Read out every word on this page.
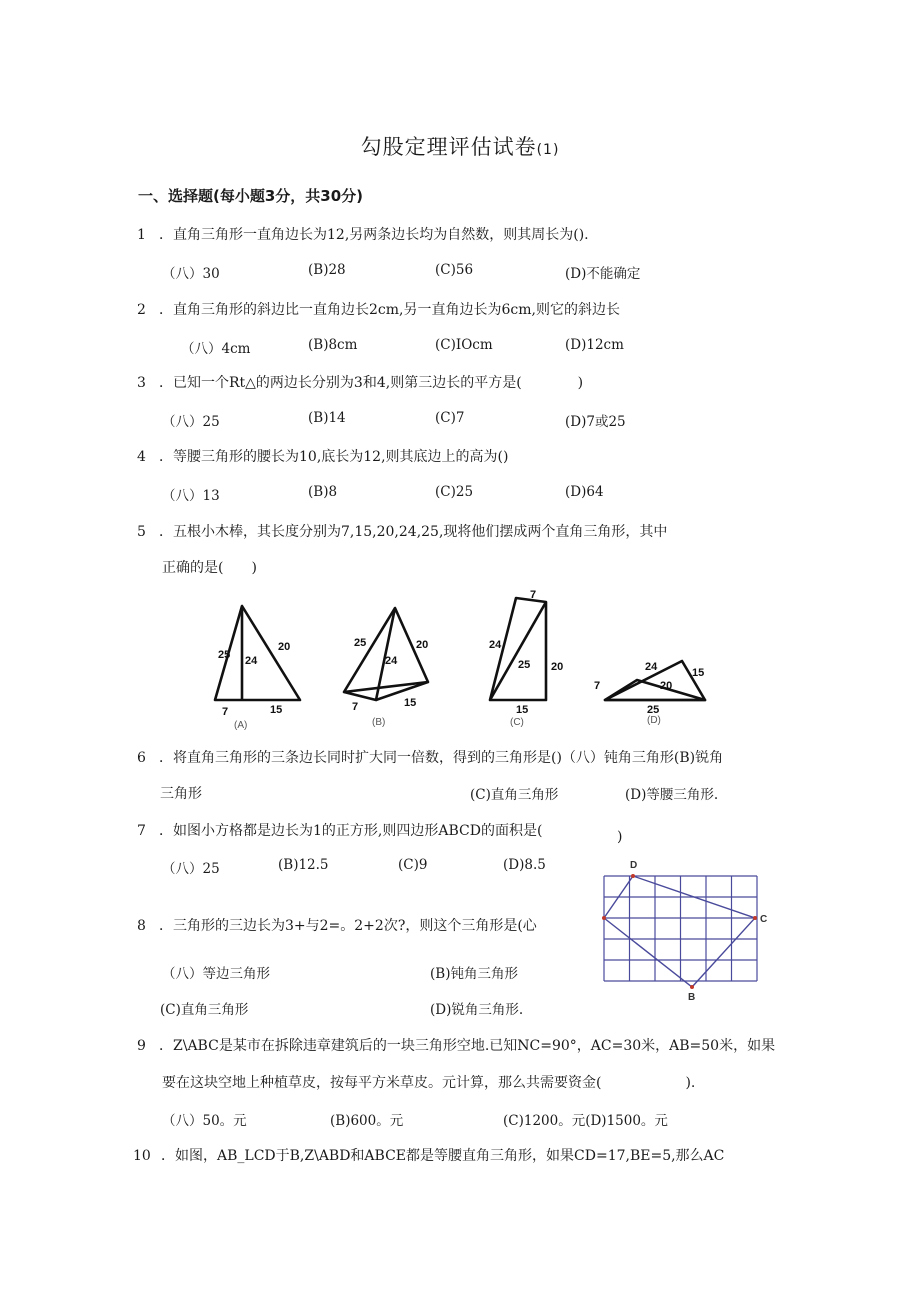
勾股定理评估试卷(1)
一、选择题(每小题3分，共30分)
1 ．直角三角形一直角边长为12,另两条边长均为自然数，则其周长为().
（八）30	(B)28	(C)56	(D)不能确定
2 ．直角三角形的斜边比一直角边长2cm,另一直角边长为6cm,则它的斜边长
（八）4cm	(B)8cm	(C)IOcm	(D)12cm
3 ．已知一个Rt△的两边长分别为3和4,则第三边长的平方是(　　　　)
（八）25	(B)14	(C)7	(D)7或25
4 ．等腰三角形的腰长为10,底长为12,则其底边上的高为()
（八）13	(B)8	(C)25	(D)64
5 ．五根小木棒，其长度分别为7,15,20,24,25,现将他们摆成两个直角三角形，其中
正确的是(　　)
25 24
20
7	15
25
24
20
7	15
7
24
25 20
15
24	15
7	20
25
(A)	(B)	(C)	(D)
6 ．将直角三角形的三条边长同时扩大同一倍数，得到的三角形是()（八）钝角三角形(B)锐角
三角形	(C)直角三角形	(D)等腰三角形.
7 ．如图小方格都是边长为1的正方形,则四边形ABCD的面积是(	)
（八）25	(B)12.5	(C)9	(D)8.5	D
C
B
8 ．三角形的三边长为3+与2=。2+2次?，则这个三角形是(心
（八）等边三角形	(B)钝角三角形
(C)直角三角形	(D)锐角三角形.
9 ．Z\ABC是某市在拆除违章建筑后的一块三角形空地.已知NC=90°，AC=30米，AB=50米，如果
要在这块空地上种植草皮，按每平方米草皮。元计算，那么共需要资金(　　　　　　).
（八）50。元	(B)600。元	(C)1200。元(D)1500。元
10 ．如图，AB_LCD于B,Z\ABD和ABCE都是等腰直角三角形，如果CD=17,BE=5,那么AC
